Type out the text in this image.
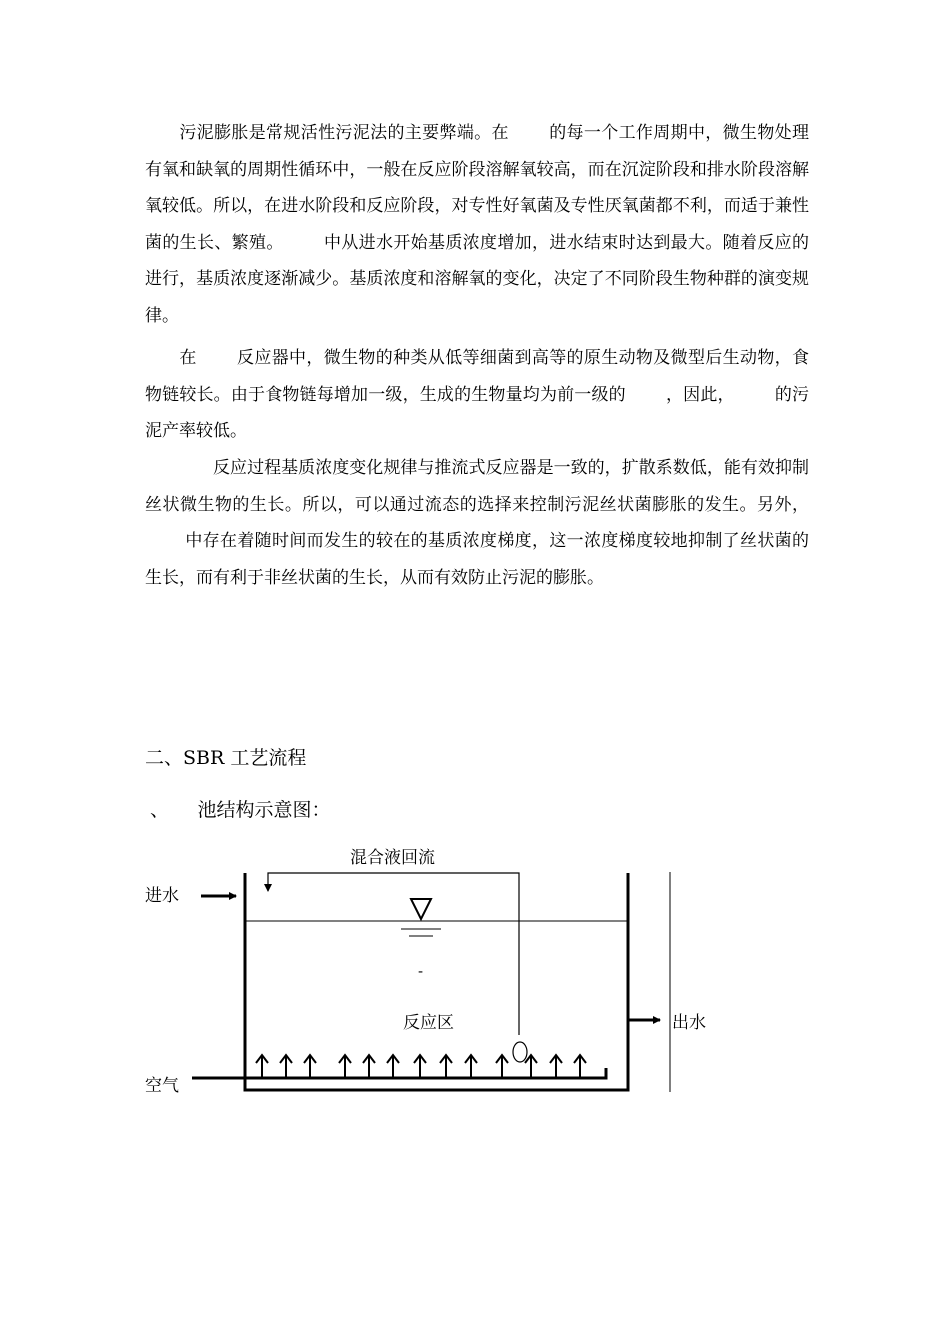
污泥膨胀是常规活性污泥法的主要弊端。在 的每一个工作周期中，微生物处理有氧和缺氧的周期性循环中，一般在反应阶段溶解氧较高，而在沉淀阶段和排水阶段溶解氧较低。所以，在进水阶段和反应阶段，对专性好氧菌及专性厌氧菌都不利，而适于兼性菌的生长、繁殖。 中从进水开始基质浓度增加，进水结束时达到最大。随着反应的进行，基质浓度逐渐减少。基质浓度和溶解氧的变化，决定了不同阶段生物种群的演变规律。

在 反应器中，微生物的种类从低等细菌到高等的原生动物及微型后生动物，食物链较长。由于食物链每增加一级，生成的生物量均为前一级的 ，因此， 的污泥产率较低。

反应过程基质浓度变化规律与推流式反应器是一致的，扩散系数低，能有效抑制丝状微生物的生长。所以，可以通过流态的选择来控制污泥丝状菌膨胀的发生。另外，中存在着随时间而发生的较在的基质浓度梯度，这一浓度梯度较地抑制了丝状菌的生长，而有利于非丝状菌的生长，从而有效防止污泥的膨胀。

二、SBR 工艺流程
、　　池结构示意图：
混合液回流
进水
-
反应区	出水
空气
